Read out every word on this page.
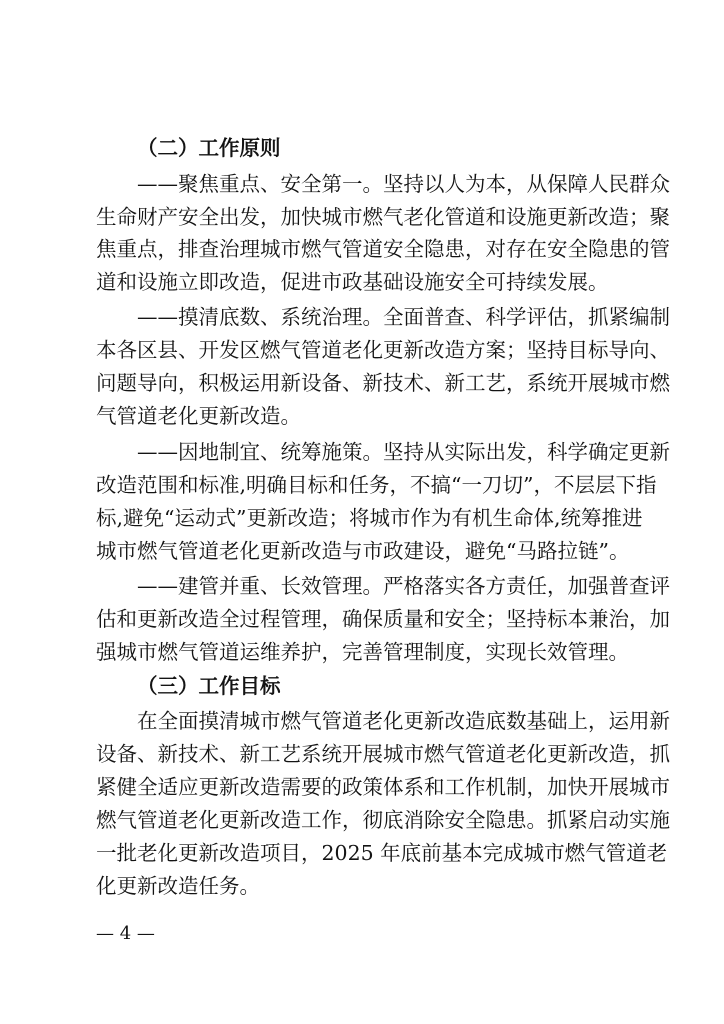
（二）工作原则
——聚焦重点、安全第一。坚持以人为本，从保障人民群众
生命财产安全出发，加快城市燃气老化管道和设施更新改造；聚
焦重点，排查治理城市燃气管道安全隐患，对存在安全隐患的管
道和设施立即改造，促进市政基础设施安全可持续发展。
——摸清底数、系统治理。全面普查、科学评估，抓紧编制
本各区县、开发区燃气管道老化更新改造方案；坚持目标导向、
问题导向，积极运用新设备、新技术、新工艺，系统开展城市燃
气管道老化更新改造。
——因地制宜、统筹施策。坚持从实际出发，科学确定更新
改造范围和标准,明确目标和任务，不搞“一刀切”，不层层下指
标,避免“运动式”更新改造；将城市作为有机生命体,统筹推进
城市燃气管道老化更新改造与市政建设，避免“马路拉链”。
——建管并重、长效管理。严格落实各方责任，加强普查评
估和更新改造全过程管理，确保质量和安全；坚持标本兼治，加
强城市燃气管道运维养护，完善管理制度，实现长效管理。
（三）工作目标
在全面摸清城市燃气管道老化更新改造底数基础上，运用新
设备、新技术、新工艺系统开展城市燃气管道老化更新改造，抓
紧健全适应更新改造需要的政策体系和工作机制，加快开展城市
燃气管道老化更新改造工作，彻底消除安全隐患。抓紧启动实施
一批老化更新改造项目，2025 年底前基本完成城市燃气管道老
化更新改造任务。
— 4 —
